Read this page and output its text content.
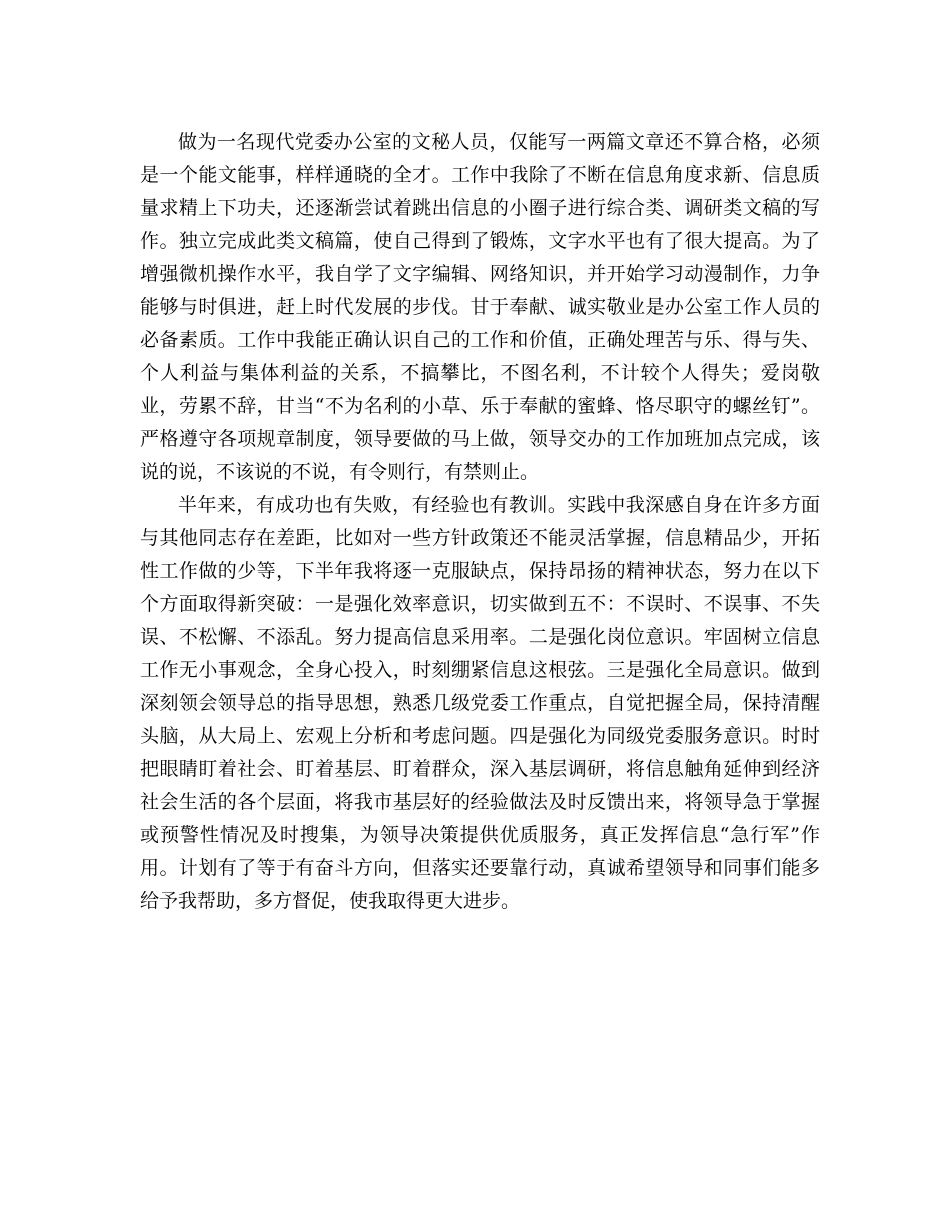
做为一名现代党委办公室的文秘人员，仅能写一两篇文章还不算合格，必须是一个能文能事，样样通晓的全才。工作中我除了不断在信息角度求新、信息质量求精上下功夫，还逐渐尝试着跳出信息的小圈子进行综合类、调研类文稿的写作。独立完成此类文稿篇，使自己得到了锻炼，文字水平也有了很大提高。为了增强微机操作水平，我自学了文字编辑、网络知识，并开始学习动漫制作，力争能够与时俱进，赶上时代发展的步伐。甘于奉献、诚实敬业是办公室工作人员的必备素质。工作中我能正确认识自己的工作和价值，正确处理苦与乐、得与失、个人利益与集体利益的关系，不搞攀比，不图名利，不计较个人得失；爱岗敬业，劳累不辞，甘当“不为名利的小草、乐于奉献的蜜蜂、恪尽职守的螺丝钉”。严格遵守各项规章制度，领导要做的马上做，领导交办的工作加班加点完成，该说的说，不该说的不说，有令则行，有禁则止。

半年来，有成功也有失败，有经验也有教训。实践中我深感自身在许多方面与其他同志存在差距，比如对一些方针政策还不能灵活掌握，信息精品少，开拓性工作做的少等，下半年我将逐一克服缺点，保持昂扬的精神状态，努力在以下个方面取得新突破：一是强化效率意识，切实做到五不：不误时、不误事、不失误、不松懈、不添乱。努力提高信息采用率。二是强化岗位意识。牢固树立信息工作无小事观念，全身心投入，时刻绷紧信息这根弦。三是强化全局意识。做到深刻领会领导总的指导思想，熟悉几级党委工作重点，自觉把握全局，保持清醒头脑，从大局上、宏观上分析和考虑问题。四是强化为同级党委服务意识。时时把眼睛盯着社会、盯着基层、盯着群众，深入基层调研，将信息触角延伸到经济社会生活的各个层面，将我市基层好的经验做法及时反馈出来，将领导急于掌握或预警性情况及时搜集，为领导决策提供优质服务，真正发挥信息“急行军”作用。计划有了等于有奋斗方向，但落实还要靠行动，真诚希望领导和同事们能多给予我帮助，多方督促，使我取得更大进步。
